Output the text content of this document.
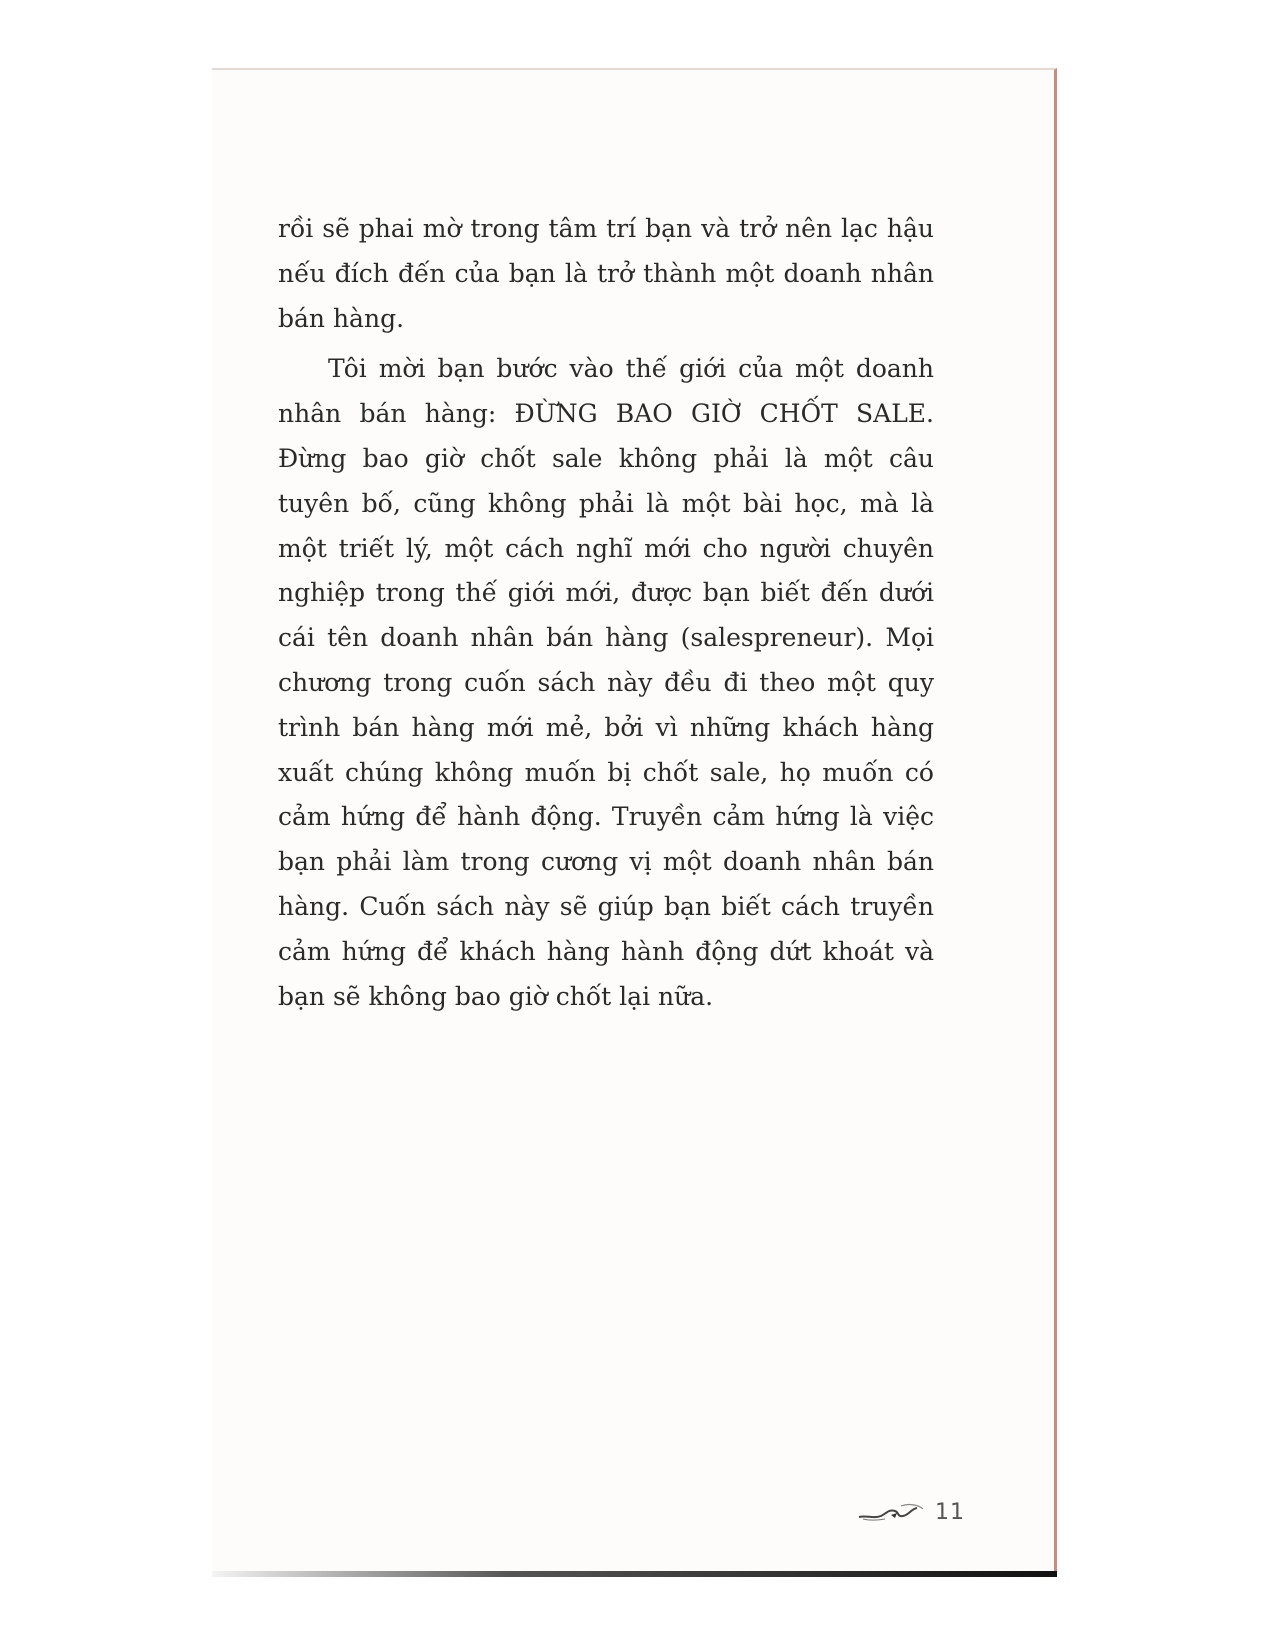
rồi sẽ phai mờ trong tâm trí bạn và trở nên lạc hậu nếu đích đến của bạn là trở thành một doanh nhân bán hàng.

Tôi mời bạn bước vào thế giới của một doanh nhân bán hàng: ĐỪNG BAO GIỜ CHỐT SALE. Đừng bao giờ chốt sale không phải là một câu tuyên bố, cũng không phải là một bài học, mà là một triết lý, một cách nghĩ mới cho người chuyên nghiệp trong thế giới mới, được bạn biết đến dưới cái tên doanh nhân bán hàng (salespreneur). Mọi chương trong cuốn sách này đều đi theo một quy trình bán hàng mới mẻ, bởi vì những khách hàng xuất chúng không muốn bị chốt sale, họ muốn có cảm hứng để hành động. Truyền cảm hứng là việc bạn phải làm trong cương vị một doanh nhân bán hàng. Cuốn sách này sẽ giúp bạn biết cách truyền cảm hứng để khách hàng hành động dứt khoát và bạn sẽ không bao giờ chốt lại nữa.

11
